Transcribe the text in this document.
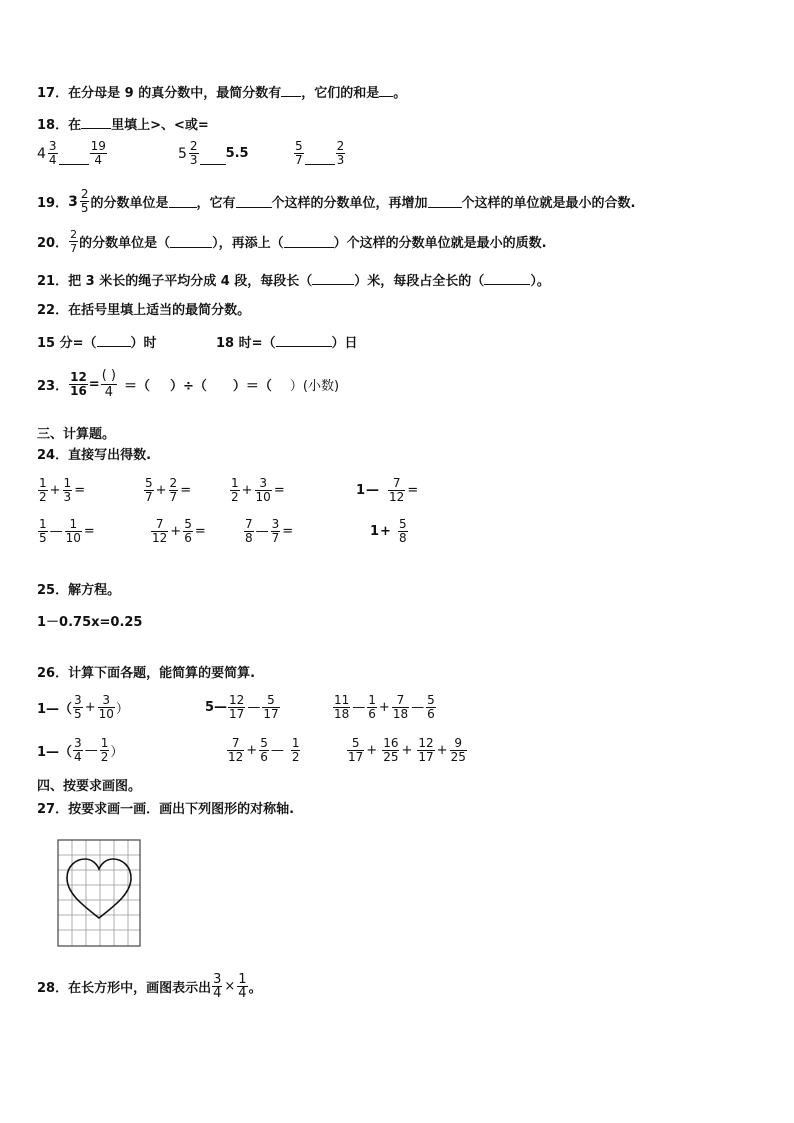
17．在分母是 9 的真分数中，最简分数有 ，它们的和是 。
18．在 里填上>、<或=
$4 \frac{3}{4}$	$\frac{19}{4}$	$5 \frac{2}{3} 5.5$	$\frac{5}{7}$	$\frac{2}{3}$
19． $3 \frac{2}{5}$ 的分数单位是 ，它有	个这样的分数单位，再增加	个这样的单位就是最小的合数.
20． $\frac{2}{7}$ 的分数单位是（	），再添上（	）个这样的分数单位就是最小的质数.
21．把 3 米长的绳子平均分成 4 段，每段长（	）米，每段占全长的（	）。
22．在括号里填上适当的最简分数。
15 分=（	）时	18 时=（	）日
23． $\frac{12}{16} = \frac{( )}{4}$ ＝（ ）÷（ ）＝（ ）(小数)
三、计算题。
24．直接写出得数.
$\frac{1}{2} + \frac{1}{3}$ =	$\frac{5}{7} + \frac{2}{7}$ =	$\frac{1}{2} + \frac{3}{10}$ =	1 — $\frac{7}{12}$ =
$\frac{1}{5}$ — $\frac{1}{10}$ =	$\frac{7}{12} + \frac{5}{6}$ =	$\frac{7}{8}$ — $\frac{3}{7}$ =	$1 + \frac{5}{8}$
25．解方程。
1－0.75x=0.25
26．计算下面各题，能简算的要简算.
1—（ $\frac{3}{5} + \frac{3}{10}$ ）	5— $\frac{12}{17}$ — $\frac{5}{17}$	$\frac{11}{18}$ — $\frac{1}{6} + \frac{7}{18}$ — $\frac{5}{6}$
1—（ $\frac{3}{4}$ — $\frac{1}{2}$ ）	$\frac{7}{12} + \frac{5}{6}$ — $\frac{1}{2}$	$\frac{5}{17} + \frac{16}{25} + \frac{12}{17} + \frac{9}{25}$
四、按要求画图。
27．按要求画一画．画出下列图形的对称轴.
28． 在长方形中，画图表示出 $\frac{3}{4} \times \frac{1}{4}$ 。
